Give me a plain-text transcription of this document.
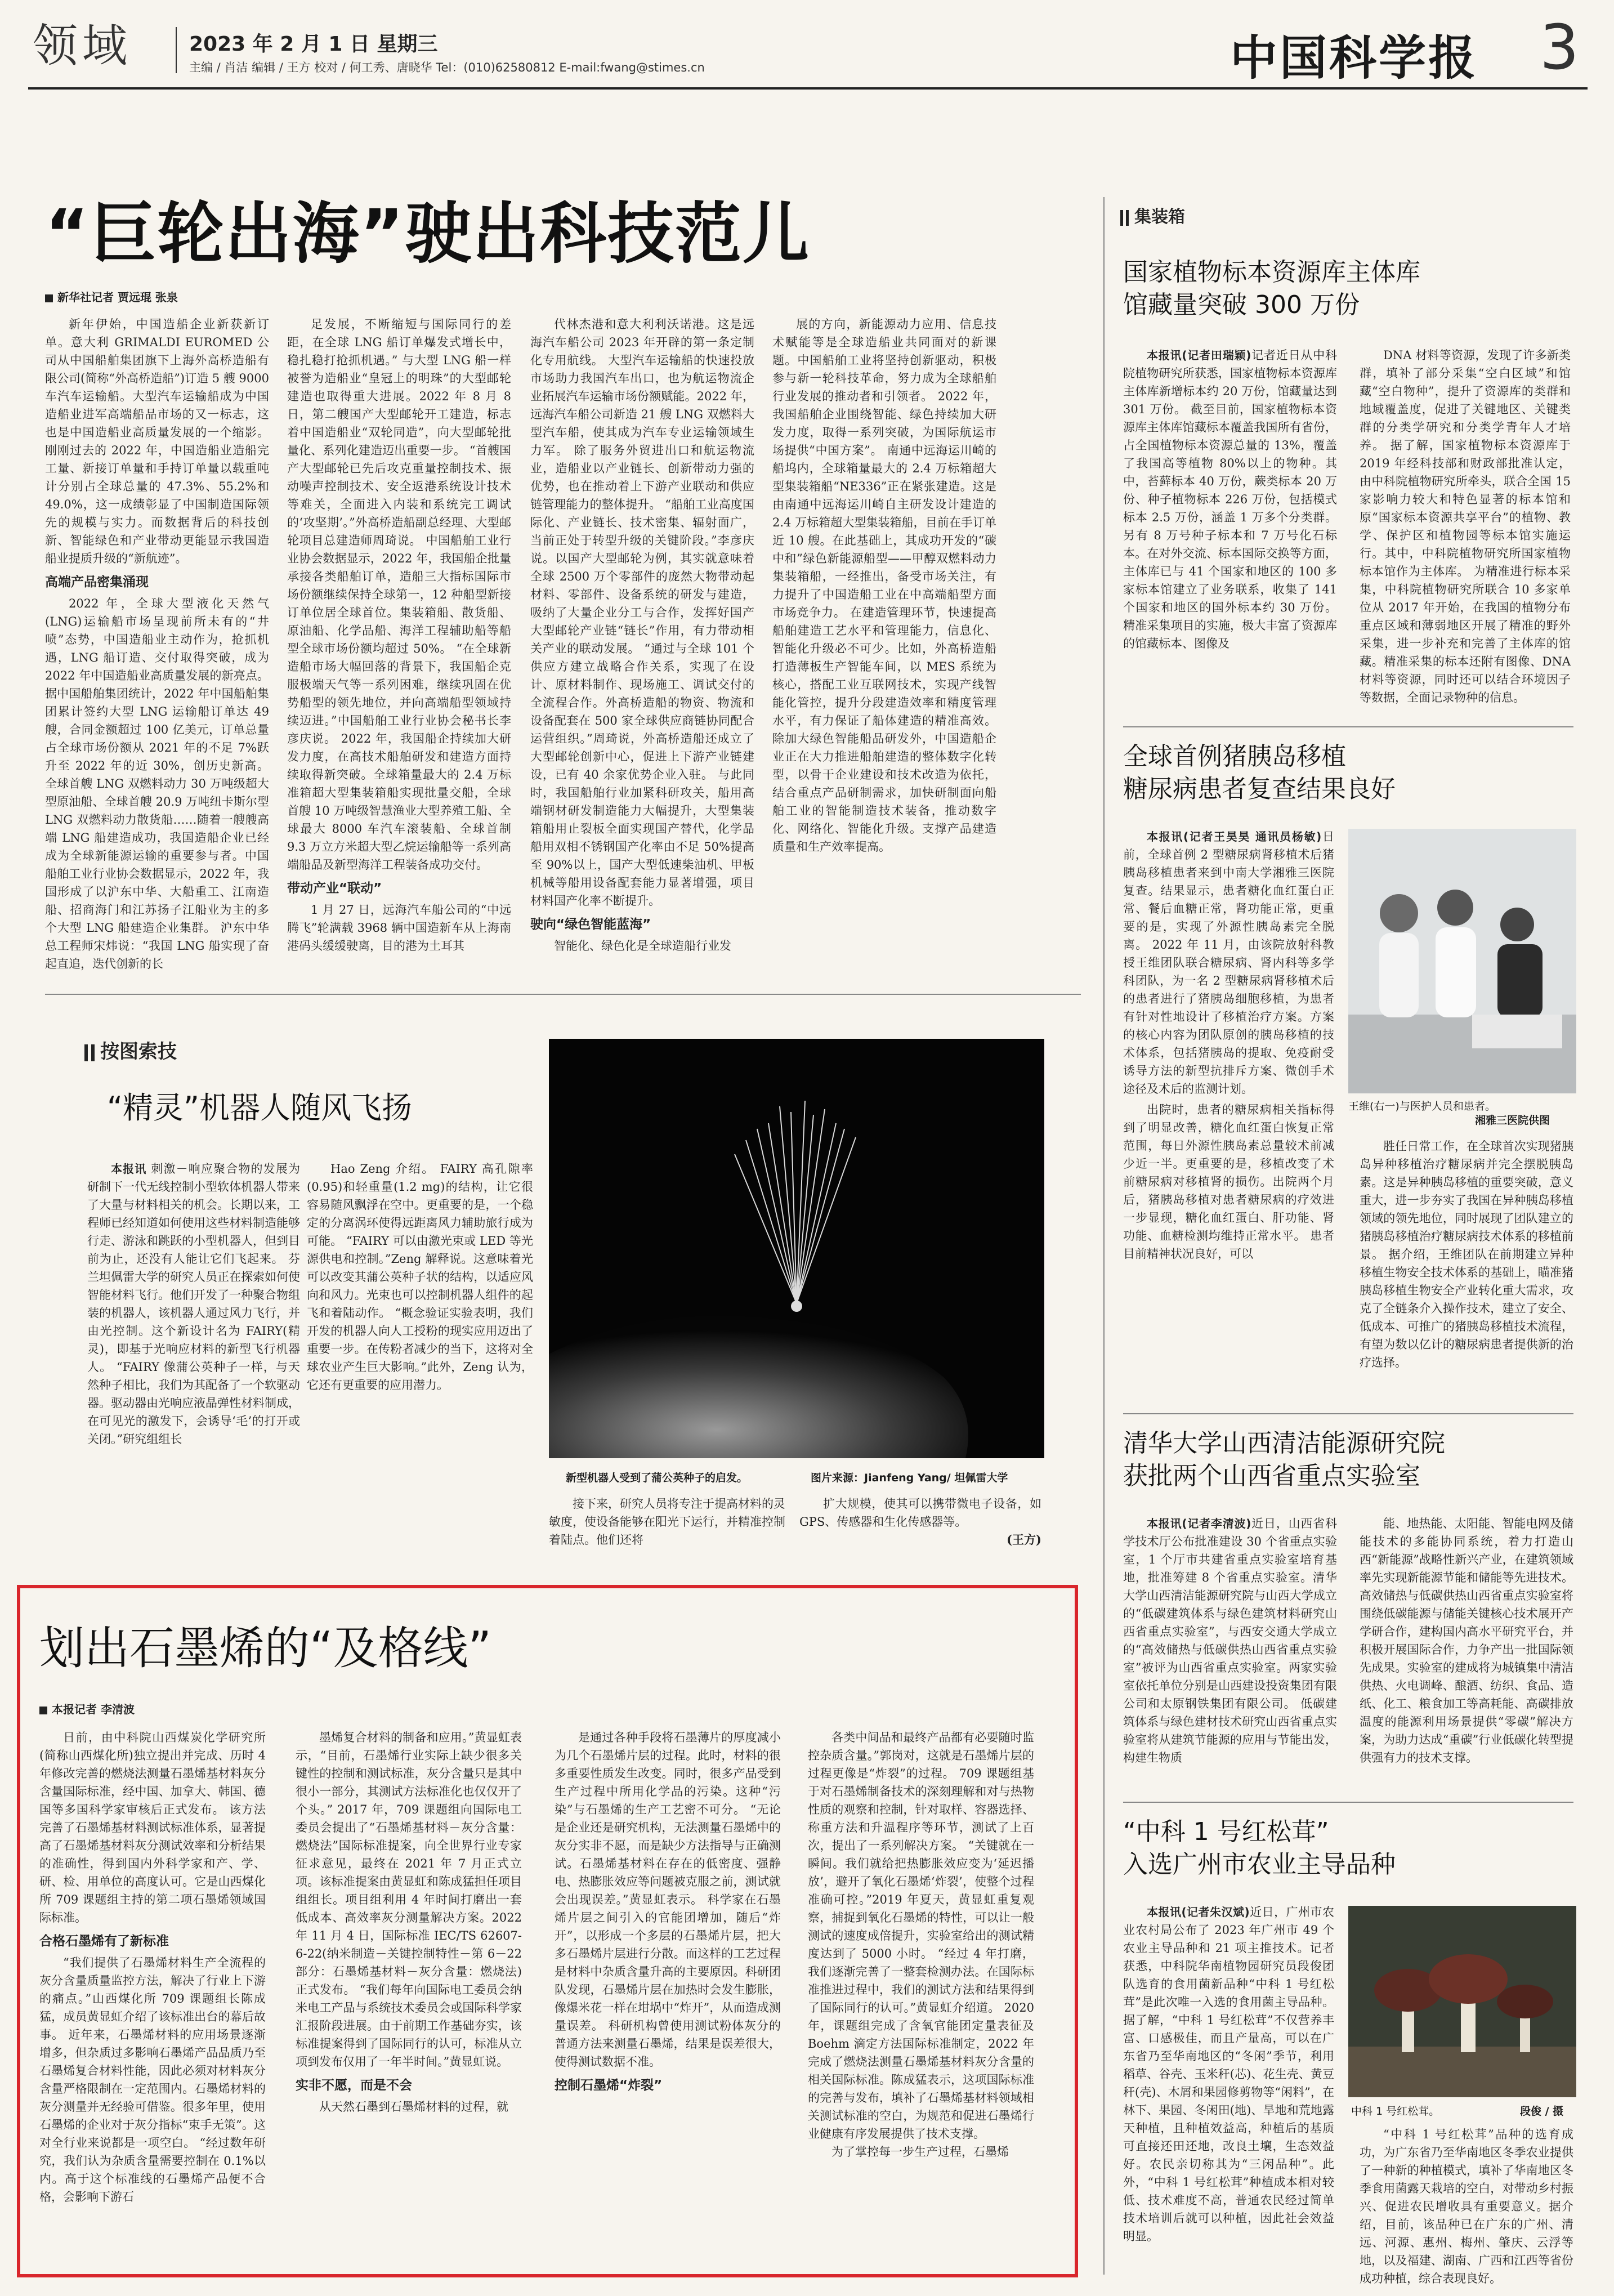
领域	2023 年 2 月 1 日 星期三
主编 / 肖洁 编辑 / 王方 校对 / 何工秀、唐晓华 Tel：(010)62580812 E-mail:fwang@stimes.cn	中国科学报 3
“巨轮出海”驶出科技范儿
新华社记者 贾远琨 张泉

新年伊始，中国造船企业新获新订单。意大利 GRIMALDI EUROMED 公司从中国船舶集团旗下上海外高桥造船有限公司(简称“外高桥造船”)订造 5 艘 9000 车汽车运输船。大型汽车运输船成为中国造船业进军高端船品市场的又一标志，这也是中国造船业高质量发展的一个缩影。 刚刚过去的 2022 年，中国造船业造船完工量、新接订单量和手持订单量以载重吨计分别占全球总量的 47.3%、55.2%和 49.0%，这一成绩彰显了中国制造国际领先的规模与实力。而数据背后的科技创新、智能绿色和产业带动更能显示我国造船业提质升级的“新航迹”。

高端产品密集涌现

2022 年，全球大型液化天然气(LNG)运输船市场呈现前所未有的“井喷”态势，中国造船业主动作为，抢抓机遇，LNG 船订造、交付取得突破，成为 2022 年中国造船业高质量发展的新亮点。 据中国船舶集团统计，2022 年中国船舶集团累计签约大型 LNG 运输船订单达 49 艘，合同金额超过 100 亿美元，订单总量占全球市场份额从 2021 年的不足 7%跃升至 2022 年的近 30%，创历史新高。 全球首艘 LNG 双燃料动力 30 万吨级超大型原油船、全球首艘 20.9 万吨纽卡斯尔型 LNG 双燃料动力散货船……随着一艘艘高端 LNG 船建造成功，我国造船企业已经成为全球新能源运输的重要参与者。中国船舶工业行业协会数据显示，2022 年，我国形成了以沪东中华、大船重工、江南造船、招商海门和江苏扬子江船业为主的多个大型 LNG 船建造企业集群。 沪东中华总工程师宋炜说：“我国 LNG 船实现了奋起直追，迭代创新的长

足发展，不断缩短与国际同行的差距，在全球 LNG 船订单爆发式增长中，稳扎稳打抢抓机遇。” 与大型 LNG 船一样被誉为造船业“皇冠上的明珠”的大型邮轮建造也取得重大进展。2022 年 8 月 8 日，第二艘国产大型邮轮开工建造，标志着中国造船业“双轮同造”，向大型邮轮批量化、系列化建造迈出重要一步。 “首艘国产大型邮轮已先后攻克重量控制技术、振动噪声控制技术、安全返港系统设计技术等难关，全面进入内装和系统完工调试的‘攻坚期’。”外高桥造船副总经理、大型邮轮项目总建造师周琦说。 中国船舶工业行业协会数据显示，2022 年，我国船企批量承接各类船舶订单，造船三大指标国际市场份额继续保持全球第一，12 种船型新接订单位居全球首位。集装箱船、散货船、原油船、化学品船、海洋工程辅助船等船型全球市场份额均超过 50%。 “在全球新造船市场大幅回落的背景下，我国船企克服极端天气等一系列困难，继续巩固在优势船型的领先地位，并向高端船型领域持续迈进。”中国船舶工业行业协会秘书长李彦庆说。 2022 年，我国船企持续加大研发力度，在高技术船舶研发和建造方面持续取得新突破。全球箱量最大的 2.4 万标准箱超大型集装箱船实现批量交船，全球首艘 10 万吨级智慧渔业大型养殖工船、全球最大 8000 车汽车滚装船、全球首制 9.3 万立方米超大型乙烷运输船等一系列高端船品及新型海洋工程装备成功交付。

带动产业“联动”

1 月 27 日，远海汽车船公司的“中远腾飞”轮满载 3968 辆中国造新车从上海南港码头缓缓驶离，目的港为土耳其

代林杰港和意大利利沃诺港。这是远海汽车船公司 2023 年开辟的第一条定制化专用航线。 大型汽车运输船的快速投放市场助力我国汽车出口，也为航运物流企业拓展汽车运输市场份额赋能。2022 年，远海汽车船公司新造 21 艘 LNG 双燃料大型汽车船，使其成为汽车专业运输领域生力军。 除了服务外贸进出口和航运物流业，造船业以产业链长、创新带动力强的优势，也在推动着上下游产业联动和供应链管理能力的整体提升。 “船舶工业高度国际化、产业链长、技术密集、辐射面广，当前正处于转型升级的关键阶段。”李彦庆说。以国产大型邮轮为例，其实就意味着全球 2500 万个零部件的庞然大物带动起材料、零部件、设备系统的研发与建造，吸纳了大量企业分工与合作，发挥好国产大型邮轮产业链“链长”作用，有力带动相关产业的联动发展。 “通过与全球 101 个供应方建立战略合作关系，实现了在设计、原材料制作、现场施工、调试交付的全流程合作。外高桥造船的物资、物流和设备配套在 500 家全球供应商链协同配合运营组织。”周琦说，外高桥造船还成立了大型邮轮创新中心，促进上下游产业链建设，已有 40 余家优势企业入驻。 与此同时，我国船舶行业加紧科研攻关，船用高端钢材研发制造能力大幅提升，大型集装箱船用止裂板全面实现国产替代，化学品船用双相不锈钢国产化率由不足 50%提高至 90%以上，国产大型低速柴油机、甲板机械等船用设备配套能力显著增强，项目材料国产化率不断提升。

驶向“绿色智能蓝海”

智能化、绿色化是全球造船行业发

展的方向，新能源动力应用、信息技术赋能等是全球造船业共同面对的新课题。中国船舶工业将坚持创新驱动，积极参与新一轮科技革命，努力成为全球船舶行业发展的推动者和引领者。 2022 年，我国船舶企业围绕智能、绿色持续加大研发力度，取得一系列突破，为国际航运市场提供“中国方案”。 南通中远海运川崎的船坞内，全球箱量最大的 2.4 万标箱超大型集装箱船“NE336”正在紧张建造。这是由南通中远海运川崎自主研发设计建造的 2.4 万标箱超大型集装箱船，目前在手订单近 10 艘。在此基础上，其成功开发的“碳中和”绿色新能源船型——甲醇双燃料动力集装箱船，一经推出，备受市场关注，有力提升了中国造船工业在中高端船型方面市场竞争力。 在建造管理环节，快速提高船舶建造工艺水平和管理能力，信息化、智能化升级必不可少。比如，外高桥造船打造薄板生产智能车间，以 MES 系统为核心，搭配工业互联网技术，实现产线智能化管控，提升分段建造效率和精度管理水平，有力保证了船体建造的精准高效。 除加大绿色智能船品研发外，中国造船企业正在大力推进船舶建造的整体数字化转型，以骨干企业建设和技术改造为依托，结合重点产品研制需求，加快研制面向船舶工业的智能制造技术装备，推动数字化、网络化、智能化升级。支撑产品建造质量和生产效率提高。

按图索技
“精灵”机器人随风飞扬

本报讯 刺激－响应聚合物的发展为研制下一代无线控制小型软体机器人带来了大量与材料相关的机会。长期以来，工程师已经知道如何使用这些材料制造能够行走、游泳和跳跃的小型机器人，但到目前为止，还没有人能让它们飞起来。 芬兰坦佩雷大学的研究人员正在探索如何使智能材料飞行。他们开发了一种聚合物组装的机器人，该机器人通过风力飞行，并由光控制。这个新设计名为 FAIRY(精灵)，即基于光响应材料的新型飞行机器人。 “FAIRY 像蒲公英种子一样，与天然种子相比，我们为其配备了一个软驱动器。驱动器由光响应液晶弹性材料制成，在可见光的激发下，会诱导‘毛’的打开或关闭。”研究组组长

Hao Zeng 介绍。 FAIRY 高孔隙率(0.95)和轻重量(1.2 mg)的结构，让它很容易随风飘浮在空中。更重要的是，一个稳定的分离涡环使得远距离风力辅助旅行成为可能。 “FAIRY 可以由激光束或 LED 等光源供电和控制。”Zeng 解释说。这意味着光可以改变其蒲公英种子状的结构，以适应风向和风力。光束也可以控制机器人组件的起飞和着陆动作。 “概念验证实验表明，我们开发的机器人向人工授粉的现实应用迈出了重要一步。在传粉者减少的当下，这将对全球农业产生巨大影响。”此外，Zeng 认为，它还有更重要的应用潜力。

新型机器人受到了蒲公英种子的启发。	图片来源：Jianfeng Yang/ 坦佩雷大学

接下来，研究人员将专注于提高材料的灵敏度，使设备能够在阳光下运行，并精准控制着陆点。他们还将

扩大规模，使其可以携带微电子设备，如 GPS、传感器和生化传感器等。

(王方)
划出石墨烯的“及格线”
本报记者 李清波

日前，由中科院山西煤炭化学研究所(简称山西煤化所)独立提出并完成、历时 4 年修改完善的燃烧法测量石墨烯基材料灰分含量国际标准，经中国、加拿大、韩国、德国等多国科学家审核后正式发布。 该方法完善了石墨烯基材料测试标准体系，显著提高了石墨烯基材料灰分测试效率和分析结果的准确性，得到国内外科学家和产、学、研、检、用单位的高度认可。它是山西煤化所 709 课题组主持的第二项石墨烯领域国际标准。

合格石墨烯有了新标准

“我们提供了石墨烯材料生产全流程的灰分含量质量监控方法，解决了行业上下游的痛点。”山西煤化所 709 课题组长陈成猛，成员黄显虹介绍了该标准出台的幕后故事。 近年来，石墨烯材料的应用场景逐渐增多，但杂质过多影响石墨烯产品品质乃至石墨烯复合材料性能，因此必须对材料灰分含量严格限制在一定范围内。石墨烯材料的灰分测量并无经验可借鉴。很多年里，使用石墨烯的企业对于灰分指标“束手无策”。这对全行业来说都是一项空白。 “经过数年研究，我们认为杂质含量需要控制在 0.1%以内。高于这个标准线的石墨烯产品便不合格，会影响下游石

墨烯复合材料的制备和应用。”黄显虹表示，“目前，石墨烯行业实际上缺少很多关键性的控制和测试标准，灰分含量只是其中很小一部分，其测试方法标准化也仅仅开了个头。” 2017 年，709 课题组向国际电工委员会提出了“石墨烯基材料－灰分含量：燃烧法”国际标准提案，向全世界行业专家征求意见，最终在 2021 年 7 月正式立项。该标准提案由黄显虹和陈成猛担任项目组组长。项目组利用 4 年时间打磨出一套低成本、高效率灰分测量解决方案。2022 年 11 月 4 日，国际标准 IEC/TS 62607-6-22(纳米制造－关键控制特性－第 6－22 部分：石墨烯基材料－灰分含量：燃烧法)正式发布。 “我们每年向国际电工委员会纳米电工产品与系统技术委员会或国际科学家汇报阶段进展。由于前期工作基础夯实，该标准提案得到了国际同行的认可，标准从立项到发布仅用了一年半时间。”黄显虹说。

实非不愿，而是不会

从天然石墨到石墨烯材料的过程，就

是通过各种手段将石墨薄片的厚度减小为几个石墨烯片层的过程。此时，材料的很多重要性质发生改变。同时，很多产品受到生产过程中所用化学品的污染。这种“污染”与石墨烯的生产工艺密不可分。 “无论是企业还是研究机构，无法测量石墨烯中的灰分实非不愿，而是缺少方法指导与正确测试。石墨烯基材料在存在的低密度、强静电、热膨胀效应等问题被克服之前，测试就会出现误差。”黄显虹表示。 科学家在石墨烯片层之间引入的官能团增加，随后“炸开”，以形成一个多层的石墨烯片层，把大多石墨烯片层进行分散。而这样的工艺过程是材料中杂质含量升高的主要原因。科研团队发现，石墨烯片层在加热时会发生膨胀，像爆米花一样在坩埚中“炸开”，从而造成测量误差。 科研机构曾使用测试粉体灰分的普通方法来测量石墨烯，结果是误差很大，使得测试数据不准。

控制石墨烯“炸裂”

各类中间品和最终产品都有必要随时监控杂质含量。”郭岗对，这就是石墨烯片层的过程更像是“炸裂”的过程。 709 课题组基于对石墨烯制备技术的深刻理解和对与热物性质的观察和控制，针对取样、容器选择、称重方法和升温程序等环节，测试了上百次，提出了一系列解决方案。 “关键就在一瞬间。我们就给把热膨胀效应变为‘延迟播放’，避开了氧化石墨烯‘炸裂’，使整个过程准确可控。”2019 年夏天，黄显虹重复观察，捕捉到氧化石墨烯的特性，可以让一般测试的速度成倍提升，实验室给出的测试精度达到了 5000 小时。 “经过 4 年打磨，我们逐渐完善了一整套检测办法。在国际标准推进过程中，我们的测试方法和结果得到了国际同行的认可。”黄显虹介绍道。 2020 年，课题组完成了含氧官能团定量表征及 Boehm 滴定方法国际标准制定，2022 年完成了燃烧法测量石墨烯基材料灰分含量的相关国际标准。陈成猛表示，这项国际标准的完善与发布，填补了石墨烯基材料领域相关测试标准的空白，为规范和促进石墨烯行业健康有序发展提供了技术支撑。

为了掌控每一步生产过程，石墨烯

集装箱
国家植物标本资源库主体库
馆藏量突破 300 万份

本报讯(记者田瑞颖)记者近日从中科院植物研究所获悉，国家植物标本资源库主体库新增标本约 20 万份，馆藏量达到 301 万份。 截至目前，国家植物标本资源库主体库馆藏标本覆盖我国所有省份，占全国植物标本资源总量的 13%，覆盖了我国高等植物 80%以上的物种。其中，苔藓标本 40 万份，蕨类标本 20 万份、种子植物标本 226 万份，包括模式标本 2.5 万份，涵盖 1 万多个分类群。另有 8 万号种子标本和 7 万号化石标本。在对外交流、标本国际交换等方面，主体库已与 41 个国家和地区的 100 多家标本馆建立了业务联系，收集了 141 个国家和地区的国外标本约 30 万份。 精准采集项目的实施，极大丰富了资源库的馆藏标本、图像及

DNA 材料等资源，发现了许多新类群，填补了部分采集“空白区域”和馆藏“空白物种”，提升了资源库的类群和地域覆盖度，促进了关键地区、关键类群的分类学研究和分类学青年人才培养。 据了解，国家植物标本资源库于 2019 年经科技部和财政部批准认定，由中科院植物研究所牵头，联合全国 15 家影响力较大和特色显著的标本馆和原“国家标本资源共享平台”的植物、教学、保护区和植物园等标本馆实施运行。其中，中科院植物研究所国家植物标本馆作为主体库。 为精准进行标本采集，中科院植物研究所联合 10 多家单位从 2017 年开始，在我国的植物分布重点区域和薄弱地区开展了精准的野外采集，进一步补充和完善了主体库的馆藏。精准采集的标本还附有图像、DNA 材料等资源，同时还可以结合环境因子等数据，全面记录物种的信息。

全球首例猪胰岛移植
糖尿病患者复查结果良好

本报讯(记者王昊昊 通讯员杨敏)日前，全球首例 2 型糖尿病肾移植术后猪胰岛移植患者来到中南大学湘雅三医院复查。结果显示，患者糖化血红蛋白正常、餐后血糖正常，肾功能正常，更重要的是，实现了外源性胰岛素完全脱离。 2022 年 11 月，由该院放射科教授王维团队联合糖尿病、肾内科等多学科团队，为一名 2 型糖尿病肾移植术后的患者进行了猪胰岛细胞移植，为患者有针对性地设计了移植治疗方案。方案的核心内容为团队原创的胰岛移植的技术体系，包括猪胰岛的提取、免疫耐受诱导方法的新型抗排斥方案、微创手术途径及术后的监测计划。

王维(右一)与医护人员和患者。
湘雅三医院供图

出院时，患者的糖尿病相关指标得到了明显改善，糖化血红蛋白恢复正常范围，每日外源性胰岛素总量较术前减少近一半。更重要的是，移植改变了术前糖尿病对移植肾的损伤。出院两个月后，猪胰岛移植对患者糖尿病的疗效进一步显现，糖化血红蛋白、肝功能、肾功能、血糖检测均维持正常水平。 患者目前精神状况良好，可以

胜任日常工作，在全球首次实现猪胰岛异种移植治疗糖尿病并完全摆脱胰岛素。这是异种胰岛移植的重要突破，意义重大，进一步夯实了我国在异种胰岛移植领域的领先地位，同时展现了团队建立的猪胰岛移植治疗糖尿病技术体系的移植前景。 据介绍，王维团队在前期建立异种移植生物安全技术体系的基础上，瞄准猪胰岛移植生物安全产业转化重大需求，攻克了全链条介入操作技术，建立了安全、低成本、可推广的猪胰岛移植技术流程，有望为数以亿计的糖尿病患者提供新的治疗选择。

清华大学山西清洁能源研究院
获批两个山西省重点实验室

本报讯(记者李清波)近日，山西省科学技术厅公布批准建设 30 个省重点实验室，1 个厅市共建省重点实验室培育基地，批准筹建 8 个省重点实验室。清华大学山西清洁能源研究院与山西大学成立的“低碳建筑体系与绿色建筑材料研究山西省重点实验室”，与西安交通大学成立的“高效储热与低碳供热山西省重点实验室”被评为山西省重点实验室。两家实验室依托单位分别是山西建设投资集团有限公司和太原钢铁集团有限公司。 低碳建筑体系与绿色建材技术研究山西省重点实验室将从建筑节能源的应用与节能出发，构建生物质

能、地热能、太阳能、智能电网及储能技术的多能协同系统，着力打造山西“新能源”战略性新兴产业，在建筑领域率先实现新能源节能和储能等先进技术。 高效储热与低碳供热山西省重点实验室将围绕低碳能源与储能关键核心技术展开产学研合作，建构国内高水平研究平台，并积极开展国际合作，力争产出一批国际领先成果。实验室的建成将为城镇集中清洁供热、火电调峰、酿酒、纺织、食品、造纸、化工、粮食加工等高耗能、高碳排放温度的能源利用场景提供“零碳”解决方案，为助力达成“重碳”行业低碳化转型提供强有力的技术支撑。

“中科 1 号红松茸”
入选广州市农业主导品种

本报讯(记者朱汉斌)近日，广州市农业农村局公布了 2023 年广州市 49 个农业主导品种和 21 项主推技术。记者获悉，中科院华南植物园研究员段俊团队选育的食用菌新品种“中科 1 号红松茸”是此次唯一入选的食用菌主导品种。 据了解，“中科 1 号红松茸”不仅营养丰富、口感极佳，而且产量高，可以在广东省乃至华南地区的“冬闲”季节，利用稻草、谷壳、玉米秆(芯)、花生壳、黄豆秆(壳)、木屑和果园修剪物等“闲料”，在林下、果园、冬闲田(地)、旱地和荒地露天种植，且种植效益高，种植后的基质可直接还田还地，改良土壤，生态效益好。农民亲切称其为“三闲品种”。此外，“中科 1 号红松茸”种植成本相对较低、技术难度不高，普通农民经过简单技术培训后就可以种植，因此社会效益明显。

中科 1 号红松茸。	段俊 / 摄

“中科 1 号红松茸”品种的选育成功，为广东省乃至华南地区冬季农业提供了一种新的种植模式，填补了华南地区冬季食用菌露天栽培的空白，对带动乡村振兴、促进农民增收具有重要意义。据介绍，目前，该品种已在广东的广州、清远、河源、惠州、梅州、肇庆、云浮等地，以及福建、湖南、广西和江西等省份成功种植，综合表现良好。
